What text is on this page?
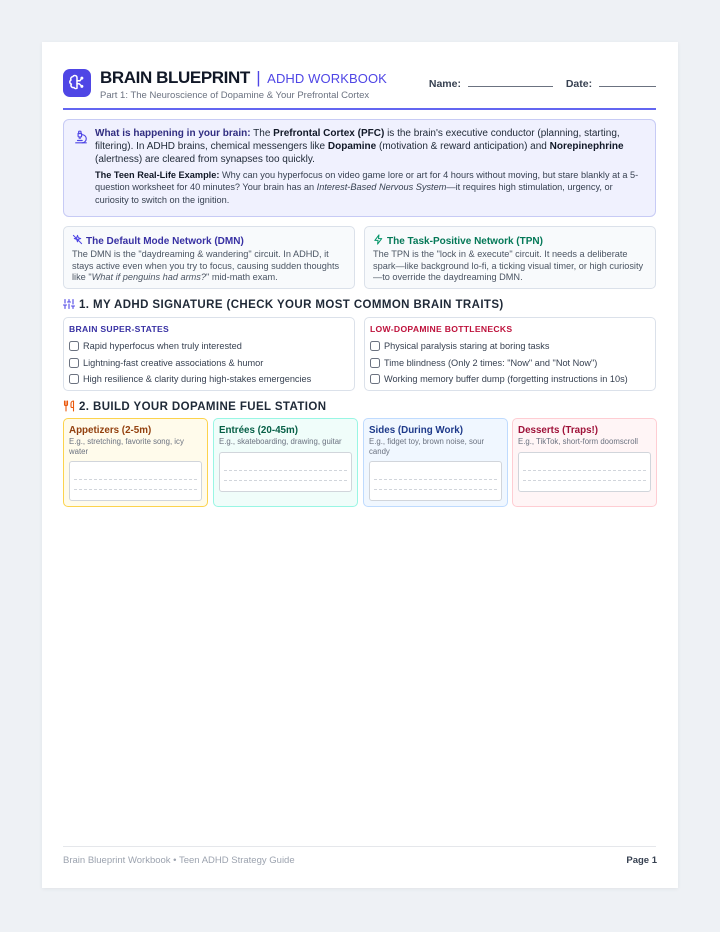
BRAIN BLUEPRINT | ADHD WORKBOOK
Part 1: The Neuroscience of Dopamine & Your Prefrontal Cortex
Name:	Date:

What is happening in your brain: The Prefrontal Cortex (PFC) is the brain's executive conductor (planning, starting, filtering). In ADHD brains, chemical messengers like Dopamine (motivation & reward anticipation) and Norepinephrine (alertness) are cleared from synapses too quickly.

The Teen Real-Life Example: Why can you hyperfocus on video game lore or art for 4 hours without moving, but stare blankly at a 5-question worksheet for 40 minutes? Your brain has an Interest-Based Nervous System—it requires high stimulation, urgency, or curiosity to switch on the ignition.

The Default Mode Network (DMN)

The DMN is the "daydreaming & wandering" circuit. In ADHD, it stays active even when you try to focus, causing sudden thoughts like "What if penguins had arms?" mid-math exam.

The Task-Positive Network (TPN)

The TPN is the "lock in & execute" circuit. It needs a deliberate spark—like background lo-fi, a ticking visual timer, or high curiosity—to override the daydreaming DMN.

1. MY ADHD SIGNATURE (CHECK YOUR MOST COMMON BRAIN TRAITS)
BRAIN SUPER-STATES
Rapid hyperfocus when truly interested
Lightning-fast creative associations & humor
High resilience & clarity during high-stakes emergencies
LOW-DOPAMINE BOTTLENECKS
Physical paralysis staring at boring tasks
Time blindness (Only 2 times: "Now" and "Not Now")
Working memory buffer dump (forgetting instructions in 10s)
2. BUILD YOUR DOPAMINE FUEL STATION
Appetizers (2-5m)
E.g., stretching, favorite song, icy water
Entrées (20-45m)
E.g., skateboarding, drawing, guitar
Sides (During Work)
E.g., fidget toy, brown noise, sour candy
Desserts (Traps!)
E.g., TikTok, short-form doomscroll
Brain Blueprint Workbook • Teen ADHD Strategy Guide	Page 1
